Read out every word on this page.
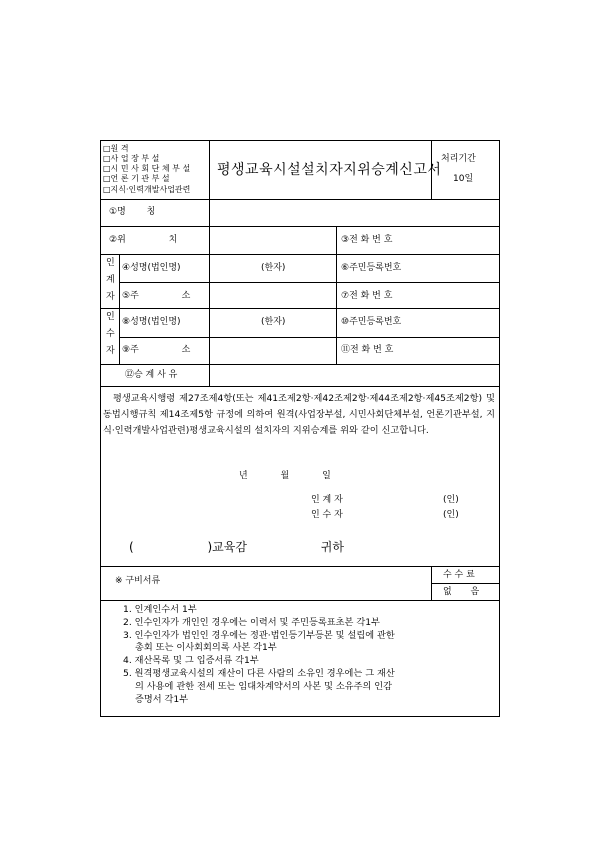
□원 격
□사 업 장 부 설
□시 민 사 회 단 체 부 설
□언 론 기 관 부 설
□지식·인력개발사업관련
평생교육시설설치자지위승계신고서
처리기간
10일
①명 칭
②위 치	③전 화 번 호
인
계
자
④성명(법인명)	(한자)	⑥주민등록번호
⑤주 소	⑦전 화 번 호
인
수
자
⑧성명(법인명)	(한자)	⑩주민등록번호
⑨주 소	⑪전 화 번 호
⑫승 계 사 유
평생교육시행령 제27조제4항(또는 제41조제2항·제42조제2항·제44조제2항·제45조제2항) 및 동법시행규칙 제14조제5항 규정에 의하여 원격(사업장부설, 시민사회단체부설, 언론기관부설, 지식·인력개발사업관련)평생교육시설의 설치자의 지위승계를 위와 같이 신고합니다.
년 월 일
인 계 자	(인)
인 수 자	(인)
( )교육감 귀하
※ 구비서류
수 수 료
없 음
1. 인계인수서 1부
2. 인수인자가 개인인 경우에는 이력서 및 주민등록표초본 각1부
3. 인수인자가 법인인 경우에는 정관·법인등기부등본 및 설립에 관한
총회 또는 이사회회의록 사본 각1부
4. 재산목록 및 그 입증서류 각1부
5. 원격평생교육시설의 재산이 다른 사람의 소유인 경우에는 그 재산
의 사용에 관한 전세 또는 임대차계약서의 사본 및 소유주의 인감
증명서 각1부
